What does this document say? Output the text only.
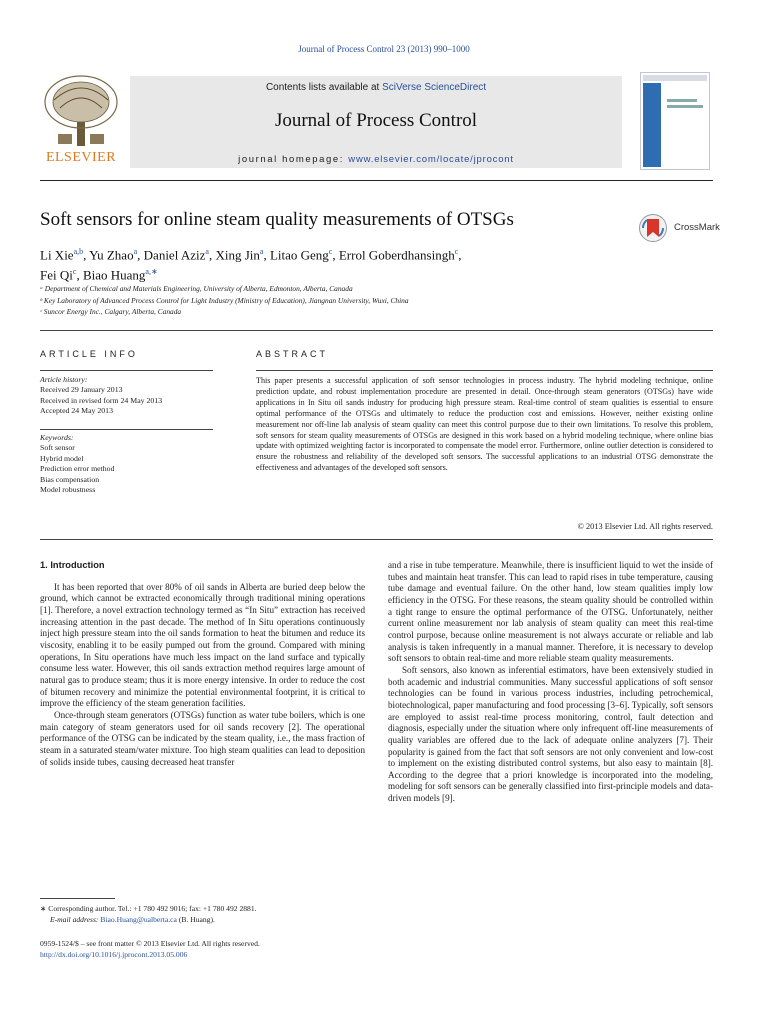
Journal of Process Control 23 (2013) 990–1000
ELSEVIER
Contents lists available at SciVerse ScienceDirect
Journal of Process Control
journal homepage: www.elsevier.com/locate/jprocont
Soft sensors for online steam quality measurements of OTSGs	CrossMark
Li Xie$^{a,b}$, Yu Zhao$^a$, Daniel Aziz$^a$, Xing Jin$^a$, Litao Geng$^c$, Errol Goberdhansingh$^c$,
Fei Qi$^c$, Biao Huang$^{a,∗}$
ᵃ Department of Chemical and Materials Engineering, University of Alberta, Edmonton, Alberta, Canada
ᵇ Key Laboratory of Advanced Process Control for Light Industry (Ministry of Education), Jiangnan University, Wuxi, China
ᶜ Suncor Energy Inc., Calgary, Alberta, Canada
ARTICLE INFO
Article history:
Received 29 January 2013
Received in revised form 24 May 2013
Accepted 24 May 2013
Keywords:
Soft sensor
Hybrid model
Prediction error method
Bias compensation
Model robustness
ABSTRACT
This paper presents a successful application of soft sensor technologies in process industry. The hybrid modeling technique, online prediction update, and robust implementation procedure are presented in detail. Once-through steam generators (OTSGs) have wide applications in In Situ oil sands industry for producing high pressure steam. Real-time control of steam qualities is essential to ensure optimal performance of the OTSGs and ultimately to reduce the production cost and emissions. However, neither existing online measurement nor off-line lab analysis of steam quality can meet this control purpose due to their own limitations. To resolve this problem, soft sensors for steam quality measurements of OTSGs are designed in this work based on a hybrid modeling technique, where online bias update with optimized weighting factor is incorporated to compensate the model error. Furthermore, online outlier detection is considered to ensure the robustness and reliability of the developed soft sensors. The successful applications to an industrial OTSG demonstrate the effectiveness and advantages of the developed soft sensors.
© 2013 Elsevier Ltd. All rights reserved.

1. Introduction

It has been reported that over 80% of oil sands in Alberta are buried deep below the ground, which cannot be extracted economically through traditional mining operations [1]. Therefore, a novel extraction technology termed as “In Situ” extraction has received increasing attention in the past decade. The method of In Situ operations continuously inject high pressure steam into the oil sands formation to heat the bitumen and reduce its viscosity, enabling it to be easily pumped out from the ground. Compared with mining operations, In Situ operations have much less impact on the land surface and typically consume less water. However, this oil sands extraction method requires large amount of natural gas to produce steam; thus it is more energy intensive. In order to reduce the cost of bitumen recovery and minimize the potential environmental footprint, it is critical to improve the efficiency of the steam generation facilities.

Once-through steam generators (OTSGs) function as water tube boilers, which is one main category of steam generators used for oil sands recovery [2]. The operational performance of the OTSG can be indicated by the steam quality, i.e., the mass fraction of steam in a saturated steam/water mixture. Too high steam qualities can lead to deposition of solids inside tubes, causing decreased heat transfer

and a rise in tube temperature. Meanwhile, there is insufficient liquid to wet the inside of tubes and maintain heat transfer. This can lead to rapid rises in tube temperature, causing tube damage and eventual failure. On the other hand, low steam qualities imply low efficiency in the OTSG. For these reasons, the steam quality should be controlled within a tight range to ensure the optimal performance of the OTSG. Unfortunately, neither current online measurement nor lab analysis of steam quality can meet this real-time control purpose, because online measurement is not always accurate or reliable and lab analysis is taken infrequently in a manual manner. Therefore, it is necessary to develop soft sensors to obtain real-time and more reliable steam quality measurements.

Soft sensors, also known as inferential estimators, have been extensively studied in both academic and industrial communities. Many successful applications of soft sensor technologies can be found in various process industries, including petrochemical, biotechnological, paper manufacturing and food processing [3–6]. Typically, soft sensors are employed to assist real-time process monitoring, control, fault detection and diagnosis, especially under the situation where only infrequent off-line measurements of quality variables are offered due to the lack of adequate online analyzers [7]. Their popularity is gained from the fact that soft sensors are not only convenient and low-cost to implement on the existing distributed control systems, but also easy to maintain [8]. According to the degree that a priori knowledge is incorporated into the modeling, modeling for soft sensors can be generally classified into first-principle models and data-driven models [9].

∗ Corresponding author. Tel.: +1 780 492 9016; fax: +1 780 492 2881.
E-mail address: Biao.Huang@ualberta.ca (B. Huang).
0959-1524/$ – see front matter © 2013 Elsevier Ltd. All rights reserved.
http://dx.doi.org/10.1016/j.jprocont.2013.05.006
